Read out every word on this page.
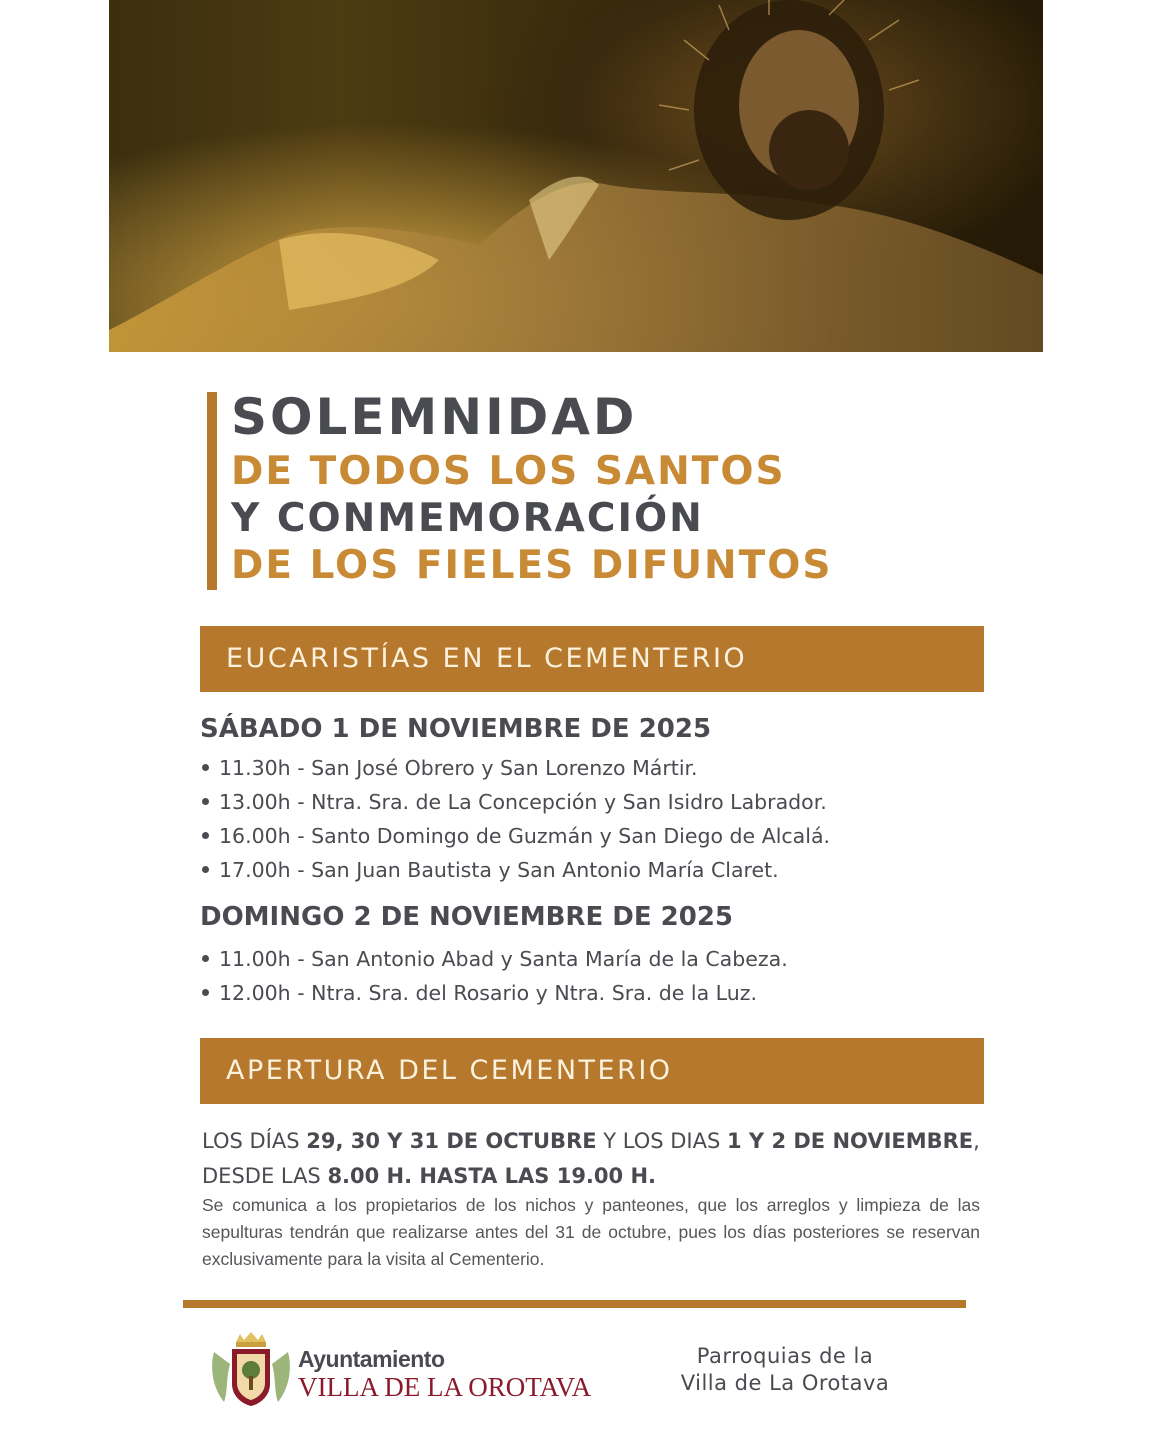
SOLEMNIDAD
DE TODOS LOS SANTOS
Y CONMEMORACIÓN
DE LOS FIELES DIFUNTOS
EUCARISTÍAS EN EL CEMENTERIO
SÁBADO 1 DE NOVIEMBRE DE 2025
11.30h - San José Obrero y San Lorenzo Mártir.
13.00h - Ntra. Sra. de La Concepción y San Isidro Labrador.
16.00h - Santo Domingo de Guzmán y San Diego de Alcalá.
17.00h - San Juan Bautista y San Antonio María Claret.
DOMINGO 2 DE NOVIEMBRE DE 2025
11.00h - San Antonio Abad y Santa María de la Cabeza.
12.00h - Ntra. Sra. del Rosario y Ntra. Sra. de la Luz.
APERTURA DEL CEMENTERIO
LOS DÍAS 29, 30 Y 31 DE OCTUBRE Y LOS DIAS 1 Y 2 DE NOVIEMBRE, DESDE LAS 8.00 H. HASTA LAS 19.00 H.
Se comunica a los propietarios de los nichos y panteones, que los arreglos y limpieza de las sepulturas tendrán que realizarse antes del 31 de octubre, pues los días posteriores se reservan exclusivamente para la visita al Cementerio.
Ayuntamiento
VILLA DE LA OROTAVA
Parroquias de la
Villa de La Orotava
